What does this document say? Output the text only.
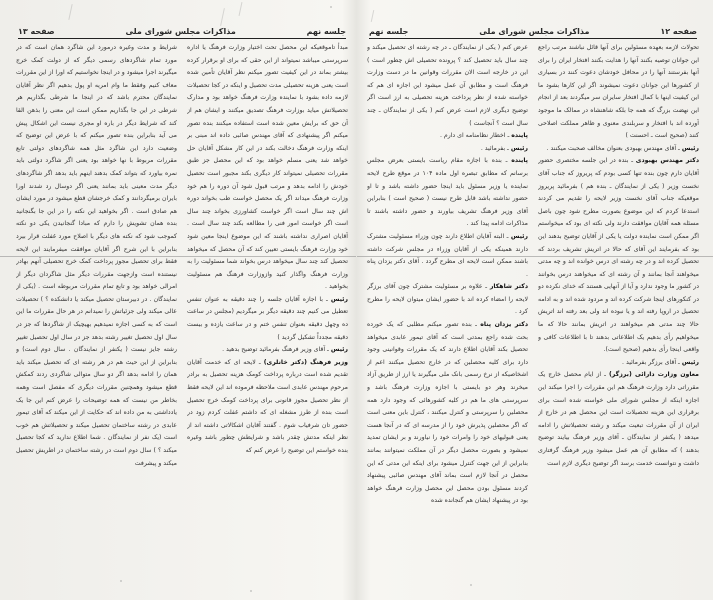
جلسه نهم
مذاکرات مجلس شورای ملی
صفحه ۱۳

مبدأ تاموقعیکه این محصل تحت اختیار وزارت فرهنگ یا اداره سرپرستی میباشد نمیتواند از این حقی که برای او برقرار کرده بیشتر بماند در این کیفیت تصور میکنم نظر آقایان تأمین شده است یعنی هزینه تحصیلی مدت تحصیل و اینکه در کجا تحصیلات لازمه داده بشود با نماینده وزارت فرهنگ خواهد بود و مدارک تحصیلاتش میاید بوزارت فرهنگ تصدیق میکنند و ایشان هم از آن حق که برایش معین شده است استفاده میکنند بنده تصور میکنم اگر پیشنهادی که آقای مهندس صائبی داده اند مبنی بر اینکه وزارت فرهنگ دخالت بکند در این کار مشکل آقایان حل خواهد شد یعنی مسلم خواهد بود که این محصل جز طبق مقررات تحصیلی نمیتواند کار دیگری بکند مجبور است تحصیل خودش را ادامه بدهد و مرتب قبول شود آن دوره را هم خود وزارت فرهنگ میداند اگر یک محصل خواست طب بخواند دوره اش چند سال است اگر خواست کشاورزی بخواند چند سال است اگر خواست امور فنی را مطالعه بکند چند سال است . آقایان اصراری نداشته باشند که این موضوع اینجا معین شود خود وزارت فرهنگ بایستی تعیین کند که آن محصل که میخواهد تحصیل کند چند سال میخواهد درس بخواند شما مسئولیت را به وزارت فرهنگ واگذار کنید وازوزارت فرهنگ هم مسئولیت بخواهید .

رئیس ـ با اجازه آقایان جلسه را چند دقیقه به عنوان تنفس تعطیل می کنیم چند دقیقه دیگر بر میگردیم (مجلس در ساعت ده وچهل دقیقه بعنوان تنفس ختم و در ساعت یازده و بیست دقیقه مجدداً تشکیل گردید )

رئیس ـ آقای وزیر فرهنگ بفرمائید توضیح بدهید .

وزیر فرهنگ (دکتر خانلری) ـ لایحه ای که خدمت آقایان تقدیم شده است درباره پرداخت کومک هزینه تحصیل به برادر مرحوم مهندس عابدی است ملاحظه فرموده اند این لایحه فقط از نظر تحصیل مجوز قانونی برای پرداخت کومک خرج تحصیل است بنده از طرز مشغله ای که داشتم غفلت کردم زود در حضور تان شرفیاب شوم . گفتند آقایان اشکالاتی داشته اند از نظر اینکه مدتش چقدر باشد و شرایطش چطور باشد وغیره بنده خواستم این توضیح را عرض کنم که

شرایط و مدت وغیره درمورد این شاگرد همان است که در مورد تمام شاگردهای رسمی دیگر که از دولت کمک خرج میگیرند اجرا میشود و در اینجا نخواستیم که اورا از این مقررات معاف کنیم وفقط ما وام امریه او پول بدهیم اگر نظر آقایان نمایندگان محترم باشد که در اینجا ما شرطی بگذاریم هر شرطی در این جا بگذاریم ممکن است این معنی را بذهن القا کند که شرایط دیگر در باره او مجری نیست این اشکال پیش می آید بنابراین بنده تصور میکنم که با عرض این توضیح که وضعیت دارد این شاگرد مثل همه شاگردهای دولتی تابع مقررات مربوط با نها خواهد بود یعنی اگر شاگرد دولتی باید نمره بیاورد که بتواند کمک بدهند اینهم باید بدهد اگر شاگردهای دیگر مدت معینی باید بمانند یعنی اگر دوسال رد شدند اورا بایران برمیگردانند و کمک خرجشان قطع میشود در مورد ایشان هم صادق است . اگر بخواهید این نکته را در این جا بگنجانید بنده همان تشویش را دارم که مبادا گنجانیدن یکی دو نکته کموجب شود که نکته های دیگر با اصلاح مورد غفلت قرار بیرد بنابراین با این شرح اگر آقایان موافقت میفرمایند این لایحه فقط برای تحصیل مجوز پرداخت کمک خرج تحصیلی آنهم بهادر نیستنده است وازجهت مقررات دیگر مثل شاگردان دیگر از امرالی خواهد بود و تابع تمام مقررات مربوطه است . (یکی از نمایندگان . در دبیرستان تحصیل میکند یا دانشکده ؟ ) تحصیلات عالی میکند ولی جزئیاتش را نمیدانم در هر حال مقررات ما این است که به کسی اجازه نمیدهیم بهیچیک از شاگردها که جز در سال اول تحصیل تغییر رشته بدهد جز در سال اول تحصیل تغییر رشته جایز نیست ( یکنفر از نمایندگان . سال دوم است) و بنابراین از این حیث هم در هر رشته ای که تحصیل میکند باید همان را ادامه بدهد اگر دو سال متوالی شاگردی ردند کمکش قطع میشود وهمچنین مقررات دیگری که مفصل است وهمه بخاطر من نیست که همه توضیحات را عرض کنم این جا یک یادداشتی به من داده اند که حکایت از این میکند که آقای تیمور عابدی در رشته ساختمان تحصیل میکند و تحصیلاتش هم خوب است (یک نفر از نمایندگان . شما اطلاع ندارید که کجا تحصیل میکند ؟ ) سال دوم است در رشته ساختمان در اطریش تحصیل میکند و پیشرفت

صفحه ۱۲
مذاکرات مجلس شورای ملی
جلسه نهم

تحولات لازمه بعهده مسئولین برای آنها قائل نباشند مرتب راجع این جوانان توصیه بکنند آنها را هدایت بکنند افتخار ایران را برای آنها بفرستند آنها را در محافل خودشان دعوت کنند در بسیاری از کشورها این جوانان دعوت نمیشوند اگر این کارها بشود ما این کیفیت اینها با کمال افتخار سایران سر میگردند بعد از انجام این نهضت بزرگ که همه جا بلکه شاهنشاه در ممالک ما موجود آورده اند با افتخار و سربلندی معنوی و ظاهر مملکت اصلاحی کنند (صحیح است ـ احسنت )

رئیس ـ آقای مهندس بهبودی بعنوان مخالف صحبت میکنند .

دکتر مهندس بهبودی ـ بنده در این جلسه مختصری حضور آقایان دارم چون بنده تنها کسی بودم که پریروز که جناب آقای نخست وزیر ( یکی از نمایندگان ـ بنده هم ) بفرمائید پریروز موقعیکه جناب آقای نخست وزیر لایحه را تقدیم می کردند استدعا کردم که این موضوع بصورت مطرح شود چون باصل مسئله همه آقایان موافقت دارند ولی نکته ای بود که میخواستم اگر ممکن است نماینده دولت یا یکی از آقایان توضیح بدهند این بود که بفرمایند این آقای که حالا در اتریش تشریف بردند که تحصیل کرده اند و در چه رشته ای درس خوانده اند و چه مدتی میخواهند آنجا بمانند و آن رشته ای که میخواهند درس بخوانند در کشور ما وجود ندارد و آیا از آنهایی هستند که خدای نکرده دو در کنکورهای اینجا شرکت کرده اند و مردود شده اند و به ادامه تحصیل در اروپا رفته اند و یا نبوده اند ولی بعد رفته اند اتریش حالا چند مدتی هم میخواهند در اتریش بمانند حالا که ما میخواهیم رأی بدهیم یک اطلاعاتی بدهند تا با اطلاعات کافی و واقعی اینجا رأی بدهیم (صحیح است).

رئیس ـ آقای برزگر بفرمائید .

معاون وزارت دارائی (برزگر) ـ از ایام محصل خارج یک مقرراتی دارد وزارت فرهنگ هم این مقررات را اجرا میکند این اجازه اینکه از مجلس شورای ملی خواسته شده است برای برقراری این هزینه تحصیلات است این محصل هم در خارج از ایران از آن مقررات تبعیت میکند و رشته تحصیلاتش را ادامه میدهد ( یکنفر از نمایندگان ـ آقای وزیر فرهنگ بیایند توضیح بدهند ) که مطابق آن هم عمل میشود وزیر فرهنگ گرفتاری داشت و نتوانست خدمت برسد اگر توضیح دیگری لازم است

عرض کنم ( یکی از نمایندگان ـ در چه رشته ای تحصیل میکند و چند سال باید تحصیل کند ؟ پرونده تحصیلی اش چطور است ) این در خارجه است الان مقررات وقوانین ما در دست وزارت فرهنگ است و مطابق آن عمل میشود این اجازه ای هم که خواسته شده از نظر پرداخت هزینه تحصیلی به ارز است اگر توضیح دیگری لازم است عرض کنم ( یکی از نمایندگان ـ چند سال است ؟ آنجاست )

پاینده ـ اخطار نظامنامه ای دارم .

رئیس ـ بفرمائید .

پاینده ـ بنده با اجازه مقام ریاست بایستی بعرض مجلس برسانم که مطابق تبصره اول ماده ۱۰۴ در موقع طرح لایحه نماینده یا وزیر مسئول باید اینجا حضور داشته باشد و تا او حضور نداشته باشد قابل طرح نیست ( صحیح است ) بنابراین آقای وزیر فرهنگ تشریف بیاورند و حضور داشته باشند تا مذاکرات ادامه پیدا کند .

رئیس ـ البته آقایان اطلاع دارند چون وزراء مسئولیت مشترک دارند همینکه یکی از آقایان وزراء در مجلس شرکت داشته باشند ممکن است لایحه ای مطرح گردد . آقای دکتر یزدان پناه .

دکتر شاهکار ـ علاوه بر مسئولیت مشترک چون آقای برزگر لایحه را امضاء کرده اند با حضور ایشان میتوان لایحه را مطرح کرد .

دکتر یزدان پناه ـ بنده تصور میکنم مطلبی که یک خورده بحث شده راجع بمدتی است که آقای تیمور عابدی میخواهد تحصیل بکند آقایان اطلاع دارند که یک مقررات وقوانینی وجود دارد برای کلیه محصلین که در خارج تحصیل میکنند اعم از اشخاصیکه از نرخ رسمی بانک ملی میگیرند یا ارز از طریق آزاد میخرند وهر دو بایستی با اجازه وزارت فرهنگ باشد و سرپرستی های ما هم در کلیه کشورهائی که وجود دارد همه محصلین را سرپرستی و کنترل میکنند ، کنترل باین معنی است که اگر محصلین پذیرش خود را از مدرسه ای که در آنجا هست یعنی قبولیهای خود را وامرات خود را نیاورند و بر ایشان تمدید نمیشود و بصورت محصل دیگر در آن مملکت نمیتوانند بمانند بنابراین از این جهت کنترل میشود برای اینکه این مدتی که این محصل در آنجا لازم است بماند آقای مهندس صائبی پیشنهاد کردند مسئول بودن محصل این محصل وزارت فرهنگ خواهد بود در پیشنهاد ایشان هم گنجانده شده
